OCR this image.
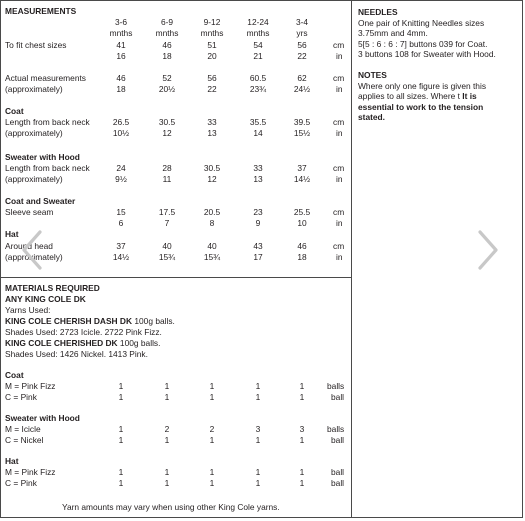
MEASUREMENTS
3-6	6-9	9-12	12-24	3-4
mnths	mnths	mnths	mnths	yrs
To fit chest sizes	41	46	51	54	56	cm
16	18	20	21	22	in
Actual measurements
(approximately)
46	52	56	60.5	62	cm
18	20½	22	23¾	24½	in
Coat
Length from back neck
(approximately)
26.5	30.5	33	35.5	39.5	cm
10½	12	13	14	15½	in
Sweater with Hood
Length from back neck
(approximately)
24	28	30.5	33	37	cm
9½	11	12	13	14½	in
Coat and Sweater
Sleeve seam	15	17.5	20.5	23	25.5	cm
6	7	8	9	10	in
Hat
Around head
(approximately)
37	40	40	43	46	cm
14½	15¾	15¾	17	18	in
MATERIALS REQUIRED
ANY KING COLE DK
Yarns Used:
KING COLE CHERISH DASH DK 100g balls.
Shades Used: 2723 Icicle. 2722 Pink Fizz.
KING COLE CHERISHED DK 100g balls.
Shades Used: 1426 Nickel. 1413 Pink.
Coat
M = Pink Fizz	1	1	1	1	1	balls
C = Pink	1	1	1	1	1	ball
Sweater with Hood
M = Icicle	1	2	2	3	3	balls
C = Nickel	1	1	1	1	1	ball
Hat
M = Pink Fizz	1	1	1	1	1	ball
C = Pink	1	1	1	1	1	ball
Yarn amounts may vary when using other King Cole yarns.

NEEDLES

One pair of Knitting Needles sizes

3.75mm and 4mm.

5[5 : 6 : 6 : 7] buttons 039 for Coat.

3 buttons 108 for Sweater with Hood.

NOTES

Where only one figure is given this

applies to all sizes. Where t It is

essential to work to the tension

stated.
